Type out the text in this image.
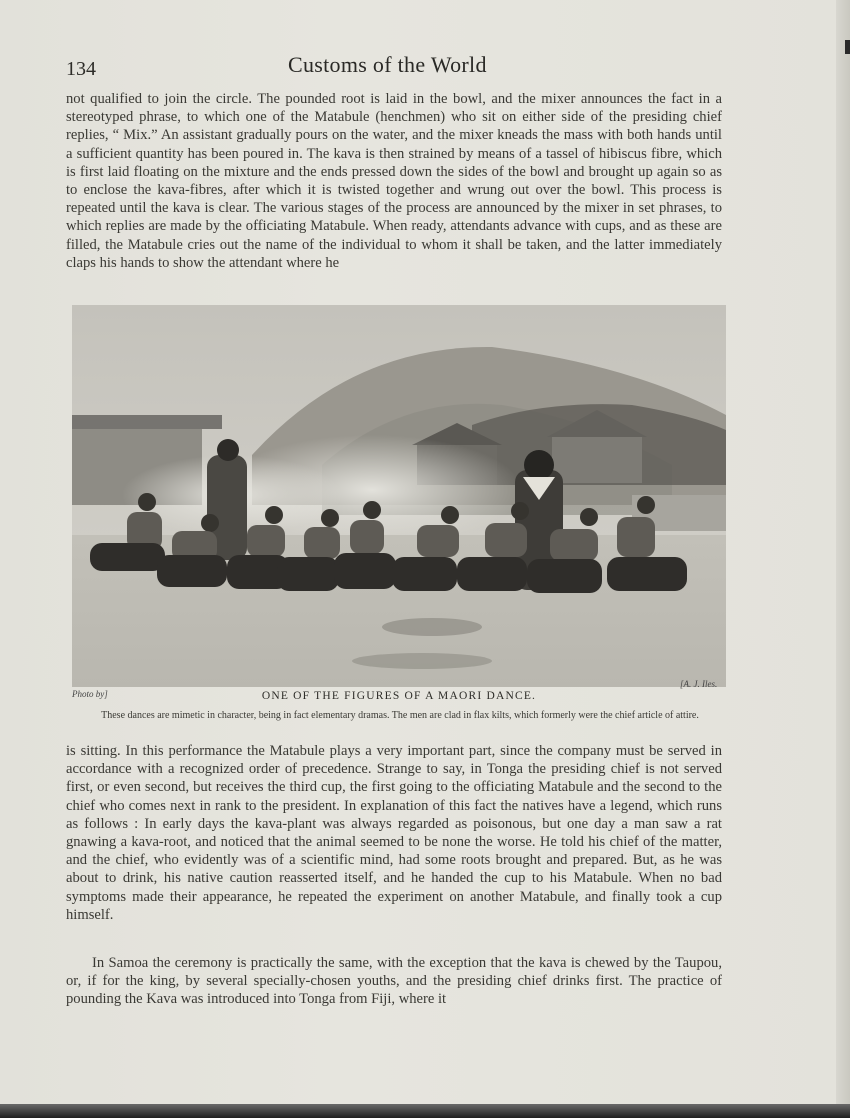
134	Customs of the World

not qualified to join the circle. The pounded root is laid in the bowl, and the mixer announces the fact in a stereotyped phrase, to which one of the Matabule (henchmen) who sit on either side of the presiding chief replies, “ Mix.” An assistant gradually pours on the water, and the mixer kneads the mass with both hands until a sufficient quantity has been poured in. The kava is then strained by means of a tassel of hibiscus fibre, which is first laid floating on the mixture and the ends pressed down the sides of the bowl and brought up again so as to enclose the kava-fibres, after which it is twisted together and wrung out over the bowl. This process is repeated until the kava is clear. The various stages of the process are announced by the mixer in set phrases, to which replies are made by the officiating Matabule. When ready, attendants advance with cups, and as these are filled, the Matabule cries out the name of the individual to whom it shall be taken, and the latter immediately claps his hands to show the attendant where he

Photo by]
[A. J. Iles.
ONE OF THE FIGURES OF A MAORI DANCE.
These dances are mimetic in character, being in fact elementary dramas. The men are clad in flax kilts, which formerly were the chief article of attire.

is sitting. In this performance the Matabule plays a very important part, since the company must be served in accordance with a recognized order of precedence. Strange to say, in Tonga the presiding chief is not served first, or even second, but receives the third cup, the first going to the officiating Matabule and the second to the chief who comes next in rank to the president. In explanation of this fact the natives have a legend, which runs as follows : In early days the kava-plant was always regarded as poisonous, but one day a man saw a rat gnawing a kava-root, and noticed that the animal seemed to be none the worse. He told his chief of the matter, and the chief, who evidently was of a scientific mind, had some roots brought and prepared. But, as he was about to drink, his native caution reasserted itself, and he handed the cup to his Matabule. When no bad symptoms made their appearance, he repeated the experiment on another Matabule, and finally took a cup himself.

In Samoa the ceremony is practically the same, with the exception that the kava is chewed by the Taupou, or, if for the king, by several specially-chosen youths, and the presiding chief drinks first. The practice of pounding the Kava was introduced into Tonga from Fiji, where it
